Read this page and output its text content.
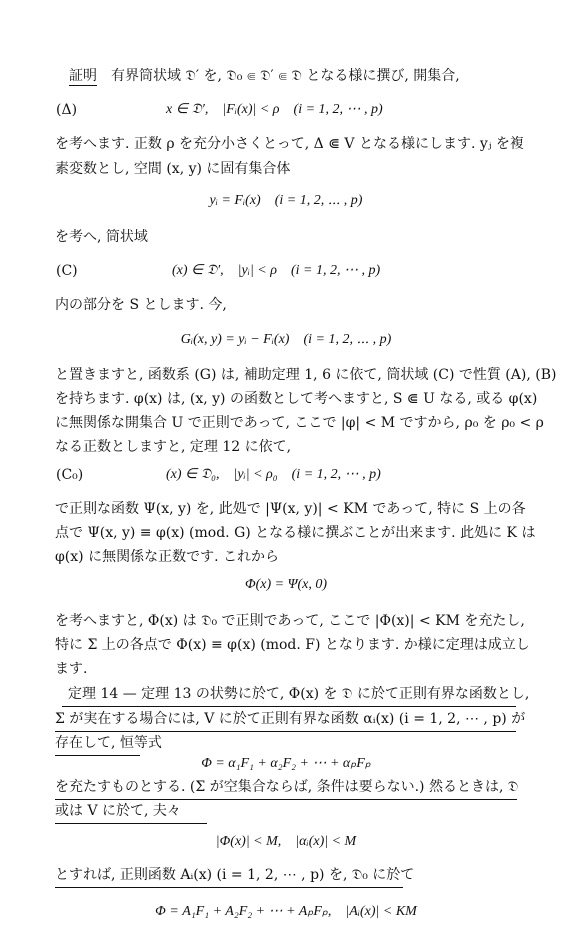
証明　有界筒状域 𝔇′ を, 𝔇₀ ⋐ 𝔇′ ⋐ 𝔇 となる様に撰び, 開集合,
(Δ)	x ∈ 𝔇′,　|Fᵢ(x)| < ρ　(i = 1, 2, ⋯ , p)
を考へます. 正数 ρ を充分小さくとって, Δ ⋐ V となる様にします. yⱼ を複
素変数とし, 空間 (x, y) に固有集合体
yᵢ = Fᵢ(x)　(i = 1, 2, ⋯ , p)
を考へ, 筒状域
(C)	(x) ∈ 𝔇′,　|yᵢ| < ρ　(i = 1, 2, ⋯ , p)
内の部分を S とします. 今,
Gᵢ(x, y) = yᵢ − Fᵢ(x)　(i = 1, 2, ⋯ , p)
と置きますと, 函数系 (G) は, 補助定理 1, 6 に依て, 筒状域 (C) で性質 (A), (B)
を持ちます. φ(x) は, (x, y) の函数として考へますと, S ⋐ U なる, 或る φ(x)
に無関係な開集合 U で正則であって, ここで |φ| < M ですから, ρ₀ を ρ₀ < ρ
なる正数としますと, 定理 12 に依て,
(C₀)	(x) ∈ 𝔇₀,　|yᵢ| < ρ₀　(i = 1, 2, ⋯ , p)
で正則な函数 Ψ(x, y) を, 此処で |Ψ(x, y)| < KM であって, 特に S 上の各
点で Ψ(x, y) ≡ φ(x) (mod. G) となる様に撰ぶことが出来ます. 此処に K は
φ(x) に無関係な正数です. これから
Φ(x) = Ψ(x, 0)
を考へますと, Φ(x) は 𝔇₀ で正則であって, ここで |Φ(x)| < KM を充たし,
特に Σ 上の各点で Φ(x) ≡ φ(x) (mod. F) となります. か様に定理は成立し
ます.
定理 14 — 定理 13 の状勢に於て, Φ(x) を 𝔇 に於て正則有界な函数とし,
Σ が実在する場合には, V に於て正則有界な函数 αᵢ(x) (i = 1, 2, ⋯ , p) が
存在して, 恒等式
Φ = α₁F₁ + α₂F₂ + ⋯ + αₚFₚ
を充たすものとする. (Σ が空集合ならば, 条件は要らない.) 然るときは, 𝔇
或は V に於て, 夫々
|Φ(x)| < M,　|αᵢ(x)| < M
とすれば, 正則函数 Aᵢ(x) (i = 1, 2, ⋯ , p) を, 𝔇₀ に於て
Φ = A₁F₁ + A₂F₂ + ⋯ + AₚFₚ,　|Aᵢ(x)| < KM
